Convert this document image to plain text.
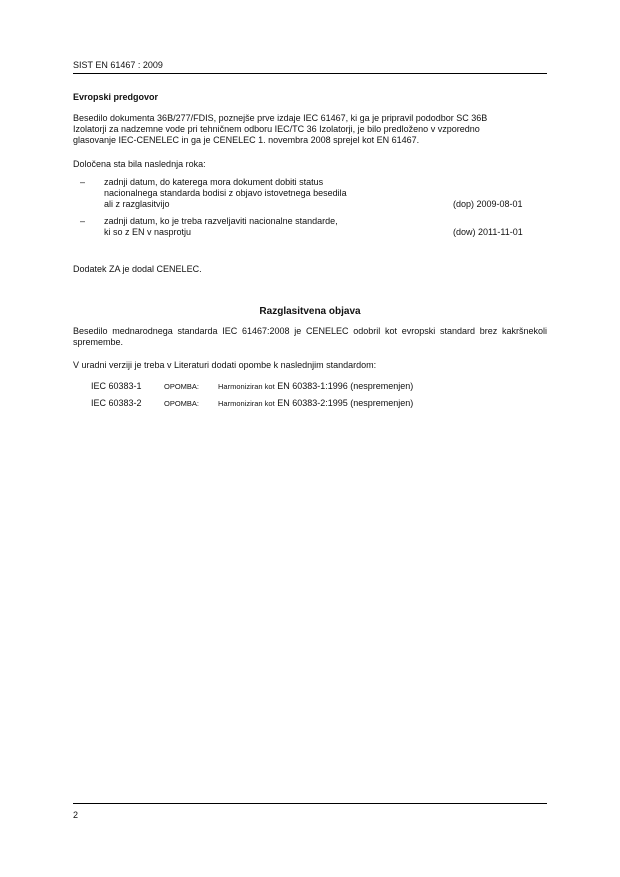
SIST EN 61467 : 2009
Evropski predgovor
Besedilo dokumenta 36B/277/FDIS, poznejše prve izdaje IEC 61467, ki ga je pripravil pododbor SC 36B
Izolatorji za nadzemne vode pri tehničnem odboru IEC/TC 36 Izolatorji, je bilo predloženo v vzporedno
glasovanje IEC-CENELEC in ga je CENELEC 1. novembra 2008 sprejel kot EN 61467.
Določena sta bila naslednja roka:
– zadnji datum, do katerega mora dokument dobiti status
nacionalnega standarda bodisi z objavo istovetnega besedila
ali z razglasitvijo	(dop) 2009-08-01
– zadnji datum, ko je treba razveljaviti nacionalne standarde,
ki so z EN v nasprotju	(dow) 2011-11-01
Dodatek ZA je dodal CENELEC.
Razglasitvena objava
Besedilo mednarodnega standarda IEC 61467:2008 je CENELEC odobril kot evropski standard brez kakršnekoli spremembe.
V uradni verziji je treba v Literaturi dodati opombe k naslednjim standardom:
IEC 60383-1	OPOMBA:	Harmoniziran kot EN 60383-1:1996 (nespremenjen)
IEC 60383-2	OPOMBA:	Harmoniziran kot EN 60383-2:1995 (nespremenjen)
2
